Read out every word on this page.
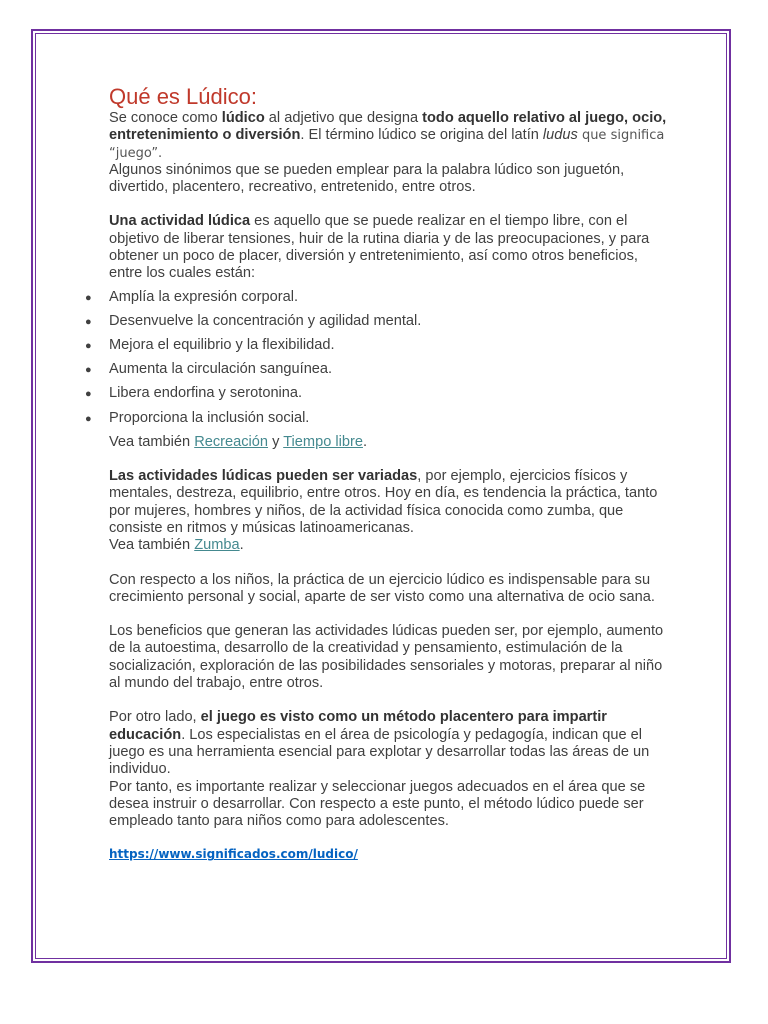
Qué es Lúdico:

Se conoce como lúdico al adjetivo que designa todo aquello relativo al juego, ocio, entretenimiento o diversión. El término lúdico se origina del latín ludus que significa “juego”.

Algunos sinónimos que se pueden emplear para la palabra lúdico son juguetón, divertido, placentero, recreativo, entretenido, entre otros.

Una actividad lúdica es aquello que se puede realizar en el tiempo libre, con el objetivo de liberar tensiones, huir de la rutina diaria y de las preocupaciones, y para obtener un poco de placer, diversión y entretenimiento, así como otros beneficios, entre los cuales están:

● Amplía la expresión corporal.
● Desenvuelve la concentración y agilidad mental.
● Mejora el equilibrio y la flexibilidad.
● Aumenta la circulación sanguínea.
● Libera endorfina y serotonina.
● Proporciona la inclusión social.

Vea también Recreación y Tiempo libre.

Las actividades lúdicas pueden ser variadas, por ejemplo, ejercicios físicos y mentales, destreza, equilibrio, entre otros. Hoy en día, es tendencia la práctica, tanto por mujeres, hombres y niños, de la actividad física conocida como zumba, que consiste en ritmos y músicas latinoamericanas.

Vea también Zumba.

Con respecto a los niños, la práctica de un ejercicio lúdico es indispensable para su crecimiento personal y social, aparte de ser visto como una alternativa de ocio sana.

Los beneficios que generan las actividades lúdicas pueden ser, por ejemplo, aumento de la autoestima, desarrollo de la creatividad y pensamiento, estimulación de la socialización, exploración de las posibilidades sensoriales y motoras, preparar al niño al mundo del trabajo, entre otros.

Por otro lado, el juego es visto como un método placentero para impartir educación. Los especialistas en el área de psicología y pedagogía, indican que el juego es una herramienta esencial para explotar y desarrollar todas las áreas de un individuo.

Por tanto, es importante realizar y seleccionar juegos adecuados en el área que se desea instruir o desarrollar. Con respecto a este punto, el método lúdico puede ser empleado tanto para niños como para adolescentes.

https://www.significados.com/ludico/
